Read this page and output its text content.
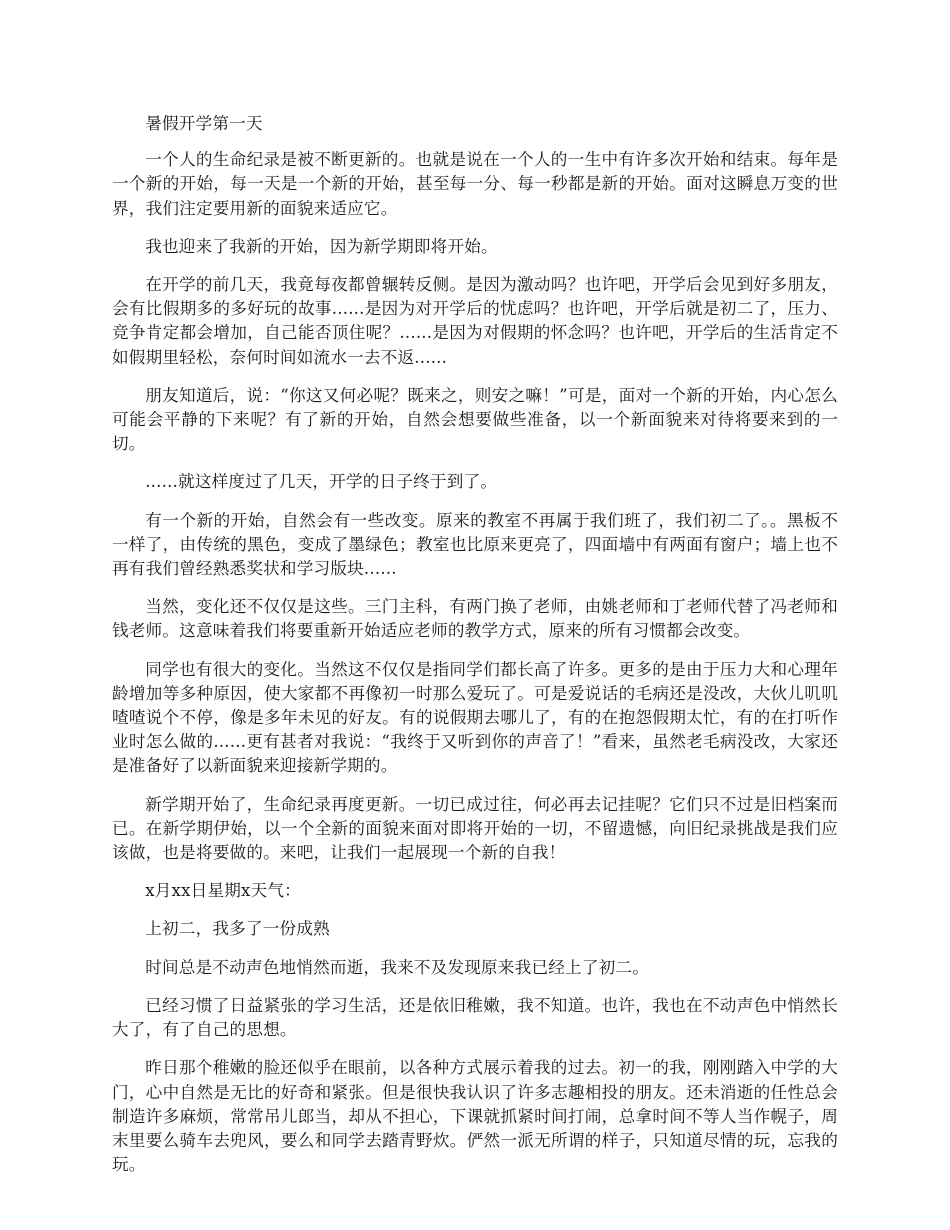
暑假开学第一天

一个人的生命纪录是被不断更新的。也就是说在一个人的一生中有许多次开始和结束。每年是一个新的开始，每一天是一个新的开始，甚至每一分、每一秒都是新的开始。面对这瞬息万变的世界，我们注定要用新的面貌来适应它。

我也迎来了我新的开始，因为新学期即将开始。

在开学的前几天，我竟每夜都曾辗转反侧。是因为激动吗？也许吧，开学后会见到好多朋友，会有比假期多的多好玩的故事......是因为对开学后的忧虑吗？也许吧，开学后就是初二了，压力、竞争肯定都会增加，自己能否顶住呢？......是因为对假期的怀念吗？也许吧，开学后的生活肯定不如假期里轻松，奈何时间如流水一去不返......

朋友知道后，说：“你这又何必呢？既来之，则安之嘛！”可是，面对一个新的开始，内心怎么可能会平静的下来呢？有了新的开始，自然会想要做些准备，以一个新面貌来对待将要来到的一切。

......就这样度过了几天，开学的日子终于到了。

有一个新的开始，自然会有一些改变。原来的教室不再属于我们班了，我们初二了。。黑板不一样了，由传统的黑色，变成了墨绿色；教室也比原来更亮了，四面墙中有两面有窗户；墙上也不再有我们曾经熟悉奖状和学习版块......

当然，变化还不仅仅是这些。三门主科，有两门换了老师，由姚老师和丁老师代替了冯老师和钱老师。这意味着我们将要重新开始适应老师的教学方式，原来的所有习惯都会改变。

同学也有很大的变化。当然这不仅仅是指同学们都长高了许多。更多的是由于压力大和心理年龄增加等多种原因，使大家都不再像初一时那么爱玩了。可是爱说话的毛病还是没改，大伙儿叽叽喳喳说个不停，像是多年未见的好友。有的说假期去哪儿了，有的在抱怨假期太忙，有的在打听作业时怎么做的......更有甚者对我说：“我终于又听到你的声音了！”看来，虽然老毛病没改，大家还是准备好了以新面貌来迎接新学期的。

新学期开始了，生命纪录再度更新。一切已成过往，何必再去记挂呢？它们只不过是旧档案而已。在新学期伊始，以一个全新的面貌来面对即将开始的一切，不留遗憾，向旧纪录挑战是我们应该做，也是将要做的。来吧，让我们一起展现一个新的自我！

x月xx日星期x天气：

上初二，我多了一份成熟

时间总是不动声色地悄然而逝，我来不及发现原来我已经上了初二。

已经习惯了日益紧张的学习生活，还是依旧稚嫩，我不知道。也许，我也在不动声色中悄然长大了，有了自己的思想。

昨日那个稚嫩的脸还似乎在眼前，以各种方式展示着我的过去。初一的我，刚刚踏入中学的大门，心中自然是无比的好奇和紧张。但是很快我认识了许多志趣相投的朋友。还未消逝的任性总会制造许多麻烦，常常吊儿郎当，却从不担心，下课就抓紧时间打闹，总拿时间不等人当作幌子，周末里要么骑车去兜风，要么和同学去踏青野炊。俨然一派无所谓的样子，只知道尽情的玩，忘我的玩。
